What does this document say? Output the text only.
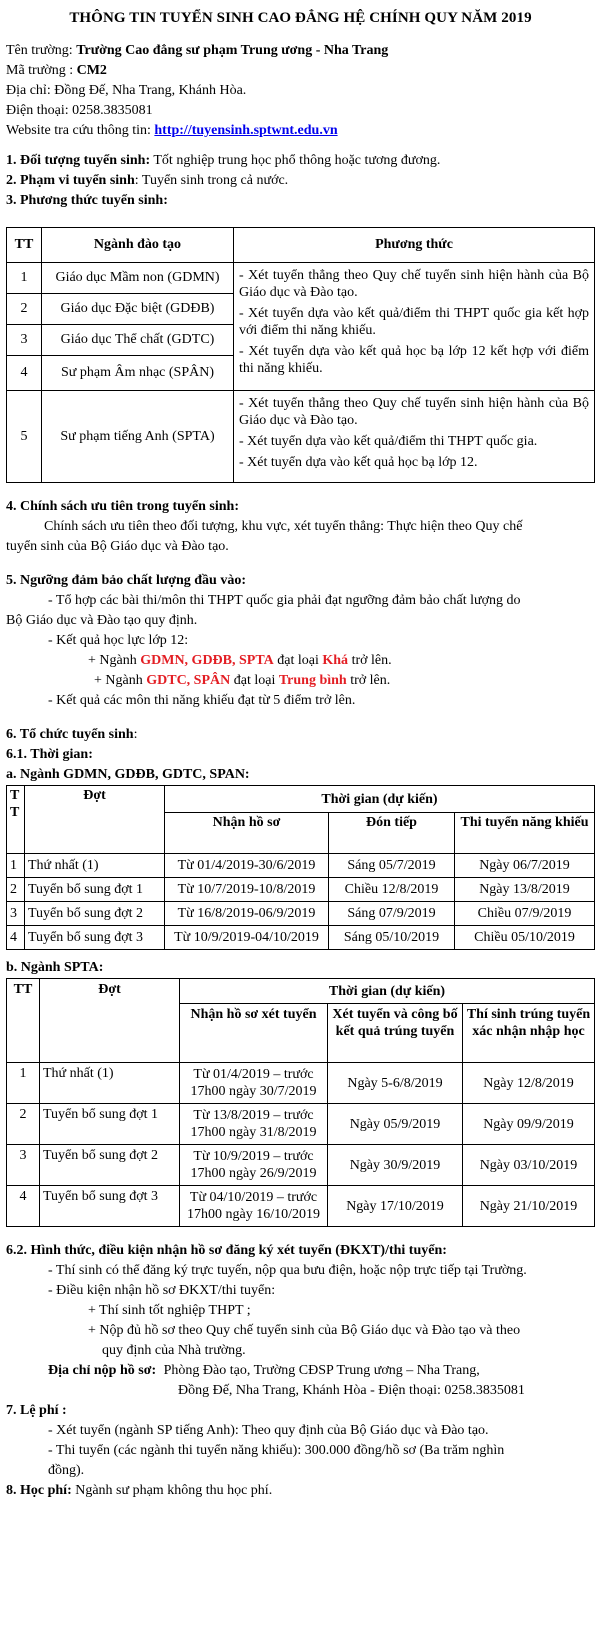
THÔNG TIN TUYỂN SINH CAO ĐẲNG HỆ CHÍNH QUY NĂM 2019
Tên trường: Trường Cao đẳng sư phạm Trung ương - Nha Trang
Mã trường : CM2
Địa chỉ: Đồng Đế, Nha Trang, Khánh Hòa.
Điện thoại: 0258.3835081
Website tra cứu thông tin: http://tuyensinh.sptwnt.edu.vn
1. Đối tượng tuyển sinh: Tốt nghiệp trung học phổ thông hoặc tương đương.
2. Phạm vi tuyển sinh: Tuyển sinh trong cả nước.
3. Phương thức tuyển sinh:
TT	Ngành đào tạo	Phương thức
1	Giáo dục Mầm non (GDMN)	- Xét tuyển thẳng theo Quy chế tuyển sinh hiện hành của Bộ Giáo dục và Đào tạo.

- Xét tuyển dựa vào kết quả/điểm thi THPT quốc gia kết hợp với điểm thi năng khiếu.

- Xét tuyển dựa vào kết quả học bạ lớp 12 kết hợp với điểm thi năng khiếu.

2	Giáo dục Đặc biệt (GDĐB)	
3	Giáo dục Thể chất (GDTC)	
4	Sư phạm Âm nhạc (SPÂN)	
5	Sư phạm tiếng Anh (SPTA)	- Xét tuyển thẳng theo Quy chế tuyển sinh hiện hành của Bộ Giáo dục và Đào tạo.

- Xét tuyển dựa vào kết quả/điểm thi THPT quốc gia.

- Xét tuyển dựa vào kết quả học bạ lớp 12.

4. Chính sách ưu tiên trong tuyển sinh:
Chính sách ưu tiên theo đối tượng, khu vực, xét tuyển thẳng: Thực hiện theo Quy chế
tuyển sinh của Bộ Giáo dục và Đào tạo.
5. Ngưỡng đảm bảo chất lượng đầu vào:
- Tổ hợp các bài thi/môn thi THPT quốc gia phải đạt ngưỡng đảm bảo chất lượng do
Bộ Giáo dục và Đào tạo quy định.
- Kết quả học lực lớp 12:
+ Ngành GDMN, GDĐB, SPTA đạt loại Khá trở lên.
+ Ngành GDTC, SPÂN đạt loại Trung bình trở lên.
- Kết quả các môn thi năng khiếu đạt từ 5 điểm trở lên.
6. Tổ chức tuyển sinh:
6.1. Thời gian:
a. Ngành GDMN, GDĐB, GDTC, SPAN:
T T	Đợt	Thời gian (dự kiến)		
		Nhận hồ sơ	Đón tiếp	Thi tuyển năng khiếu
1	Thứ nhất (1)	Từ 01/4/2019-30/6/2019	Sáng 05/7/2019	Ngày 06/7/2019
2	Tuyển bổ sung đợt 1	Từ 10/7/2019-10/8/2019	Chiều 12/8/2019	Ngày 13/8/2019
3	Tuyển bổ sung đợt 2	Từ 16/8/2019-06/9/2019	Sáng 07/9/2019	Chiều 07/9/2019
4	Tuyển bổ sung đợt 3	Từ 10/9/2019-04/10/2019	Sáng 05/10/2019	Chiều 05/10/2019
b. Ngành SPTA:
TT	Đợt	Thời gian (dự kiến)		
		Nhận hồ sơ xét tuyển	Xét tuyển và công bố kết quả trúng tuyển	Thí sinh trúng tuyển xác nhận nhập học
1	Thứ nhất (1)	Từ 01/4/2019 – trước
17h00 ngày 30/7/2019	Ngày 5-6/8/2019	Ngày 12/8/2019
2	Tuyển bổ sung đợt 1	Từ 13/8/2019 – trước
17h00 ngày 31/8/2019	Ngày 05/9/2019	Ngày 09/9/2019
3	Tuyển bổ sung đợt 2	Từ 10/9/2019 – trước
17h00 ngày 26/9/2019	Ngày 30/9/2019	Ngày 03/10/2019
4	Tuyển bổ sung đợt 3	Từ 04/10/2019 – trước
17h00 ngày 16/10/2019	Ngày 17/10/2019	Ngày 21/10/2019
6.2. Hình thức, điều kiện nhận hồ sơ đăng ký xét tuyển (ĐKXT)/thi tuyển:
- Thí sinh có thể đăng ký trực tuyến, nộp qua bưu điện, hoặc nộp trực tiếp tại Trường.
- Điều kiện nhận hồ sơ ĐKXT/thi tuyển:
+ Thí sinh tốt nghiệp THPT ;
+ Nộp đủ hồ sơ theo Quy chế tuyển sinh của Bộ Giáo dục và Đào tạo và theo
quy định của Nhà trường.
Địa chỉ nộp hồ sơ: Phòng Đào tạo, Trường CĐSP Trung ương – Nha Trang,
Đồng Đế, Nha Trang, Khánh Hòa - Điện thoại: 0258.3835081
7. Lệ phí :
- Xét tuyển (ngành SP tiếng Anh): Theo quy định của Bộ Giáo dục và Đào tạo.
- Thi tuyển (các ngành thi tuyển năng khiếu): 300.000 đồng/hồ sơ (Ba trăm nghìn
đồng).
8. Học phí: Ngành sư phạm không thu học phí.
